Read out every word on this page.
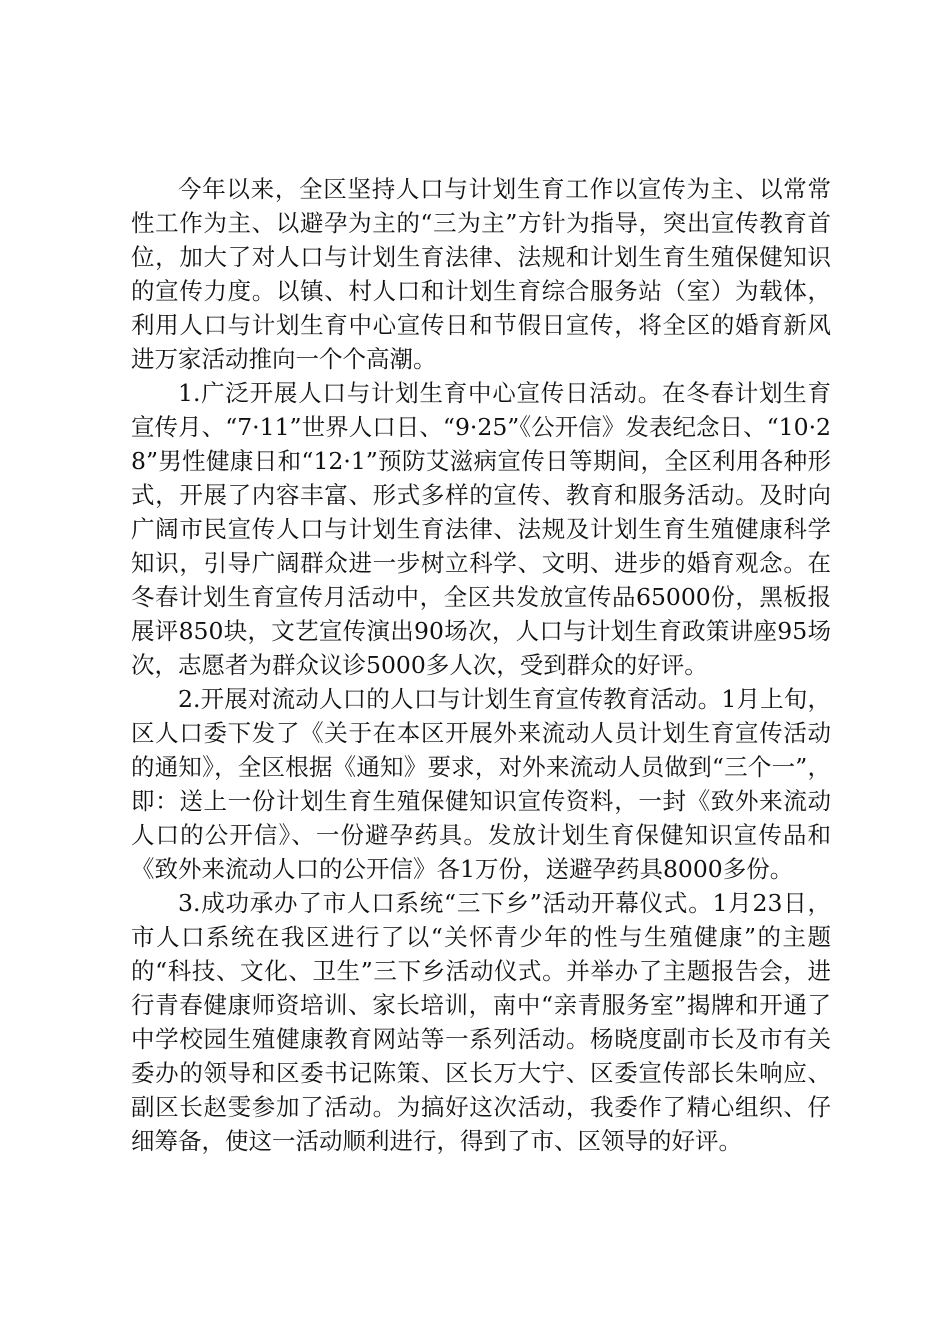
今年以来，全区坚持人口与计划生育工作以宣传为主、以常常性工作为主、以避孕为主的“三为主”方针为指导，突出宣传教育首位，加大了对人口与计划生育法律、法规和计划生育生殖保健知识的宣传力度。以镇、村人口和计划生育综合服务站（室）为载体，利用人口与计划生育中心宣传日和节假日宣传，将全区的婚育新风进万家活动推向一个个高潮。

1.广泛开展人口与计划生育中心宣传日活动。在冬春计划生育宣传月、“7·11”世界人口日、“9·25”《公开信》发表纪念日、“10·28”男性健康日和“12·1”预防艾滋病宣传日等期间，全区利用各种形式，开展了内容丰富、形式多样的宣传、教育和服务活动。及时向广阔市民宣传人口与计划生育法律、法规及计划生育生殖健康科学知识，引导广阔群众进一步树立科学、文明、进步的婚育观念。在冬春计划生育宣传月活动中，全区共发放宣传品65000份，黑板报展评850块，文艺宣传演出90场次，人口与计划生育政策讲座95场次，志愿者为群众议诊5000多人次，受到群众的好评。

2.开展对流动人口的人口与计划生育宣传教育活动。1月上旬，区人口委下发了《关于在本区开展外来流动人员计划生育宣传活动的通知》，全区根据《通知》要求，对外来流动人员做到“三个一”，即：送上一份计划生育生殖保健知识宣传资料，一封《致外来流动人口的公开信》、一份避孕药具。发放计划生育保健知识宣传品和《致外来流动人口的公开信》各1万份，送避孕药具8000多份。

3.成功承办了市人口系统“三下乡”活动开幕仪式。1月23日，市人口系统在我区进行了以“关怀青少年的性与生殖健康”的主题的“科技、文化、卫生”三下乡活动仪式。并举办了主题报告会，进行青春健康师资培训、家长培训，南中“亲青服务室”揭牌和开通了中学校园生殖健康教育网站等一系列活动。杨晓度副市长及市有关委办的领导和区委书记陈策、区长万大宁、区委宣传部长朱响应、副区长赵雯参加了活动。为搞好这次活动，我委作了精心组织、仔细筹备，使这一活动顺利进行，得到了市、区领导的好评。
